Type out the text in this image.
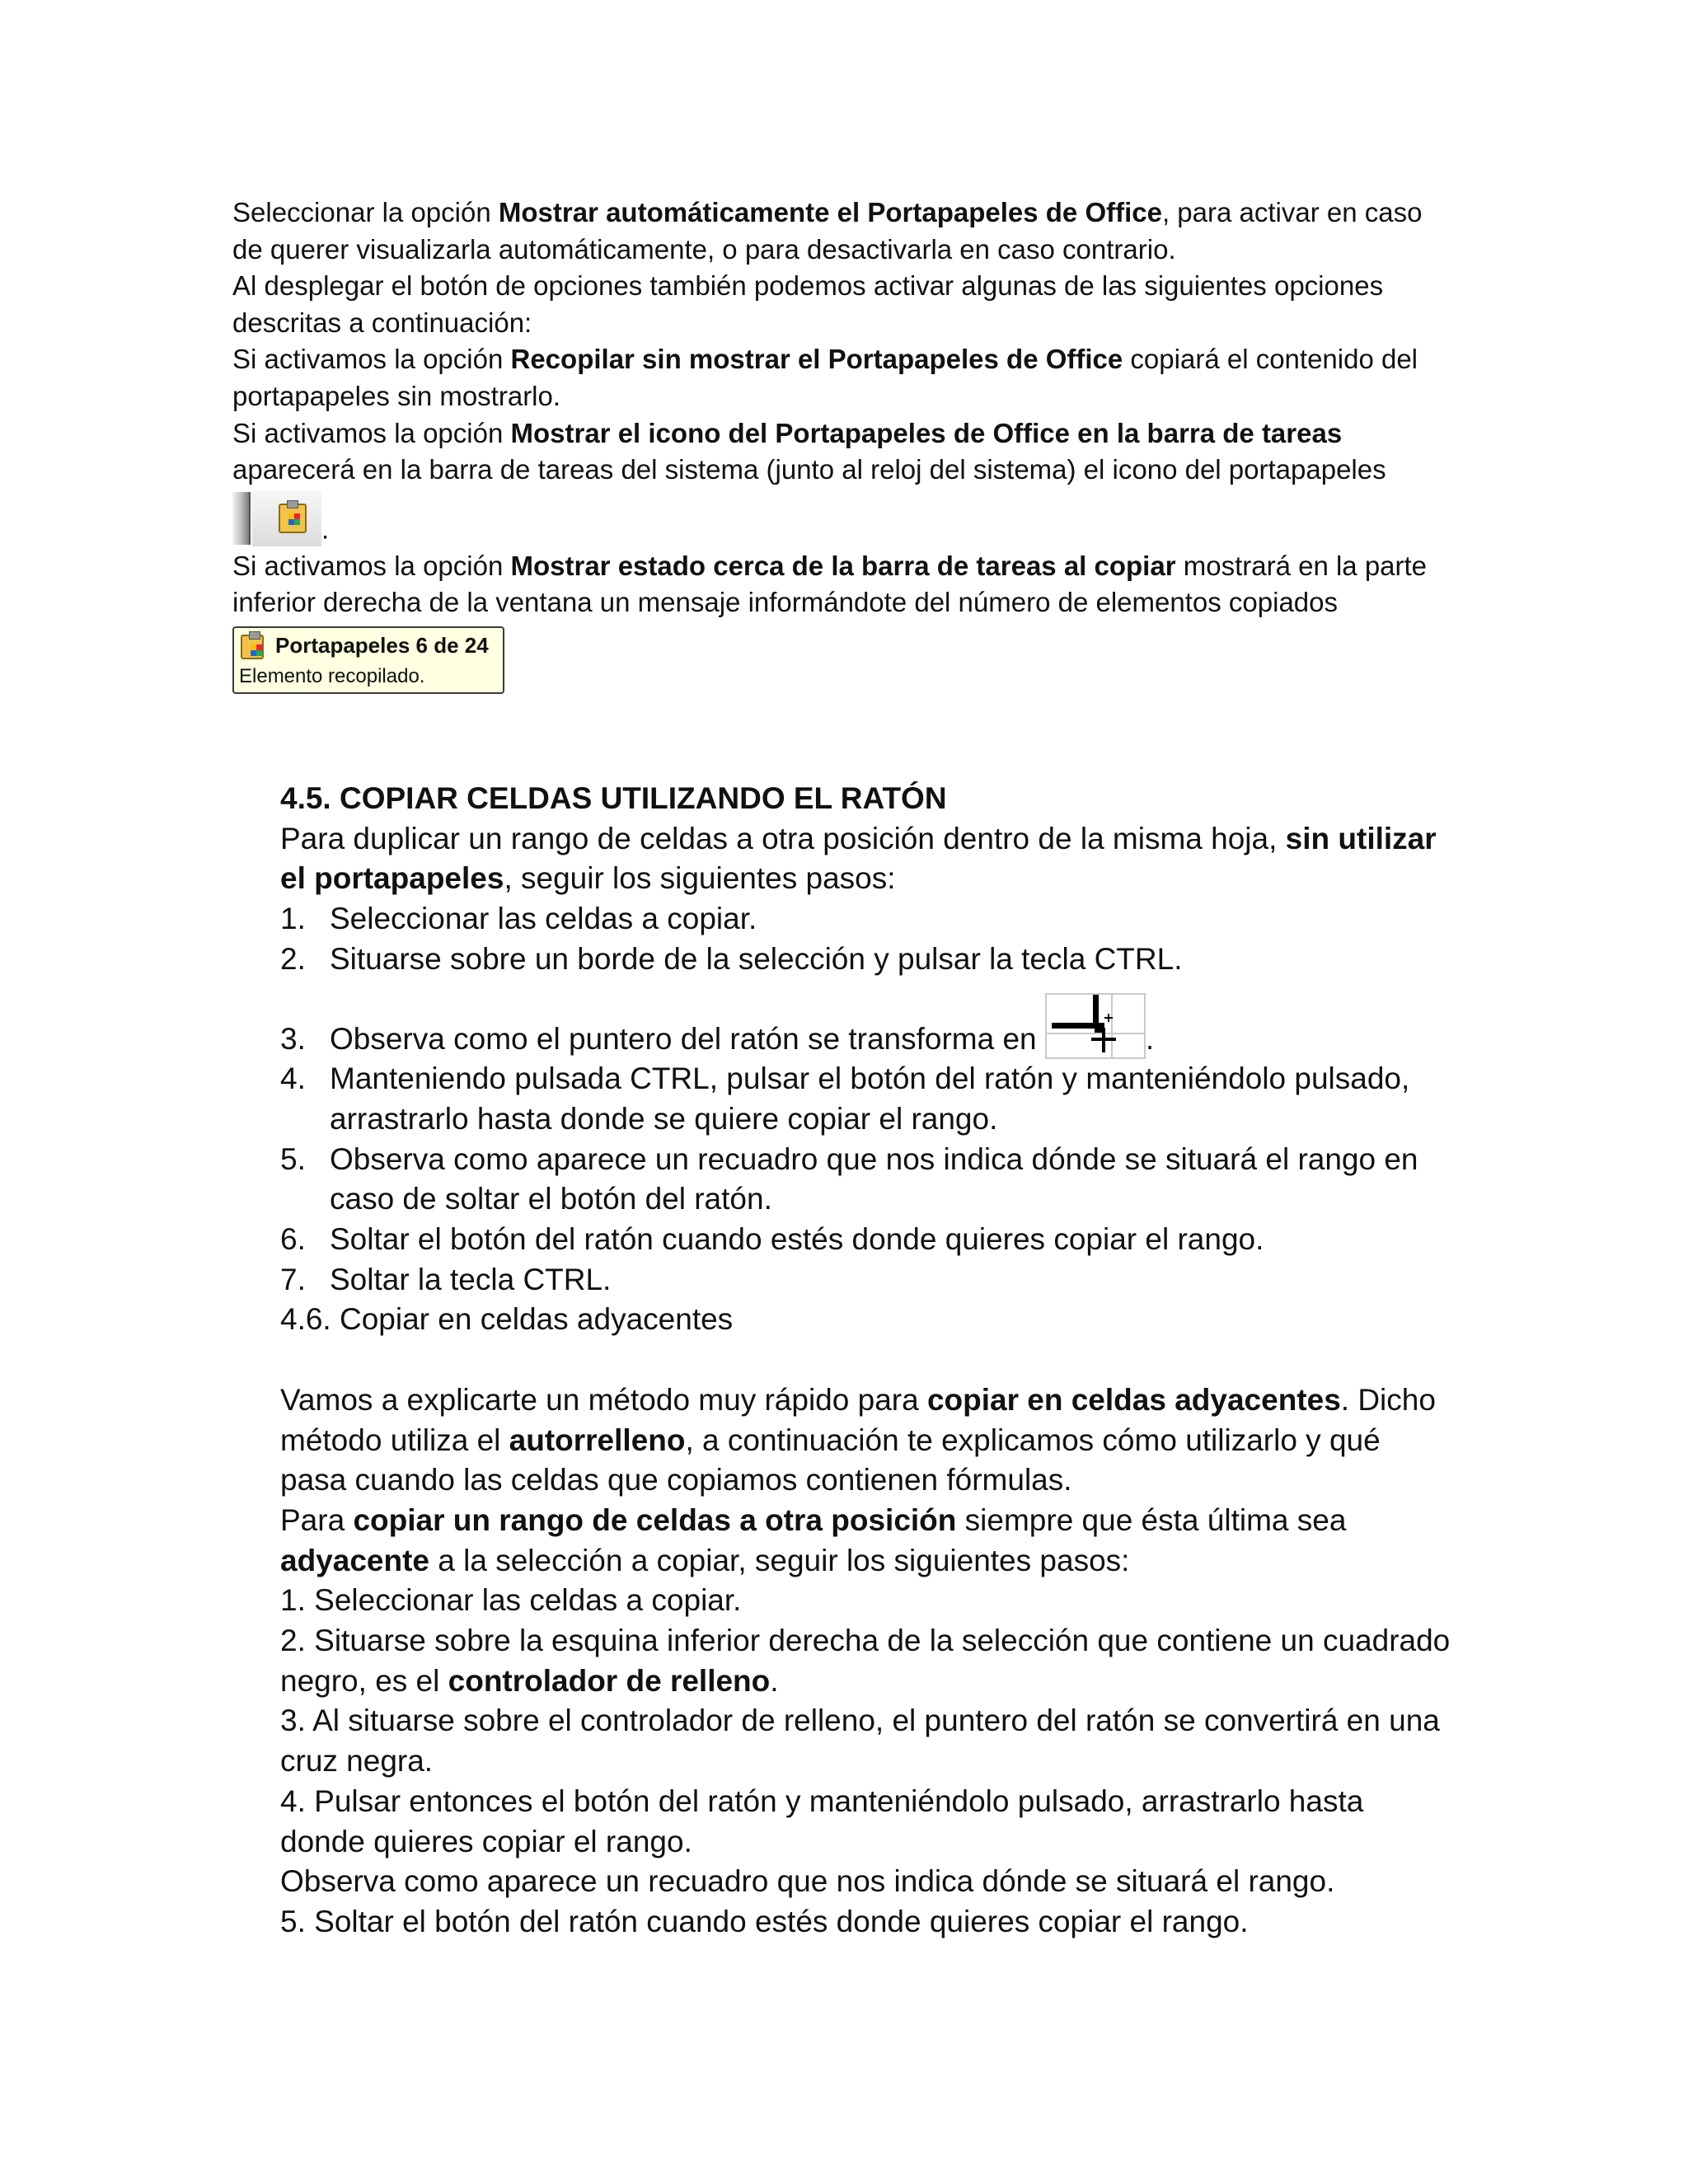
Seleccionar la opción Mostrar automáticamente el Portapapeles de Office, para activar en caso de querer visualizarla automáticamente, o para desactivarla en caso contrario.

Al desplegar el botón de opciones también podemos activar algunas de las siguientes opciones descritas a continuación:

Si activamos la opción Recopilar sin mostrar el Portapapeles de Office copiará el contenido del portapapeles sin mostrarlo.

Si activamos la opción Mostrar el icono del Portapapeles de Office en la barra de tareas aparecerá en la barra de tareas del sistema (junto al reloj del sistema) el icono del portapapeles

.

Si activamos la opción Mostrar estado cerca de la barra de tareas al copiar mostrará en la parte inferior derecha de la ventana un mensaje informándote del número de elementos copiados

Portapapeles 6 de 24
Elemento recopilado.
4.5. COPIAR CELDAS UTILIZANDO EL RATÓN

Para duplicar un rango de celdas a otra posición dentro de la misma hoja, sin utilizar el portapapeles, seguir los siguientes pasos:

1. Seleccionar las celdas a copiar.
2. Situarse sobre un borde de la selección y pulsar la tecla CTRL.
3. Observa como el puntero del ratón se transforma en	.
4. Manteniendo pulsada CTRL, pulsar el botón del ratón y manteniéndolo pulsado, arrastrarlo hasta donde se quiere copiar el rango.
5. Observa como aparece un recuadro que nos indica dónde se situará el rango en caso de soltar el botón del ratón.
6. Soltar el botón del ratón cuando estés donde quieres copiar el rango.
7. Soltar la tecla CTRL.

4.6. Copiar en celdas adyacentes

Vamos a explicarte un método muy rápido para copiar en celdas adyacentes. Dicho método utiliza el autorrelleno, a continuación te explicamos cómo utilizarlo y qué pasa cuando las celdas que copiamos contienen fórmulas.

Para copiar un rango de celdas a otra posición siempre que ésta última sea adyacente a la selección a copiar, seguir los siguientes pasos:

1. Seleccionar las celdas a copiar.

2. Situarse sobre la esquina inferior derecha de la selección que contiene un cuadrado negro, es el controlador de relleno.

3. Al situarse sobre el controlador de relleno, el puntero del ratón se convertirá en una cruz negra.

4. Pulsar entonces el botón del ratón y manteniéndolo pulsado, arrastrarlo hasta donde quieres copiar el rango.

Observa como aparece un recuadro que nos indica dónde se situará el rango.

5. Soltar el botón del ratón cuando estés donde quieres copiar el rango.
